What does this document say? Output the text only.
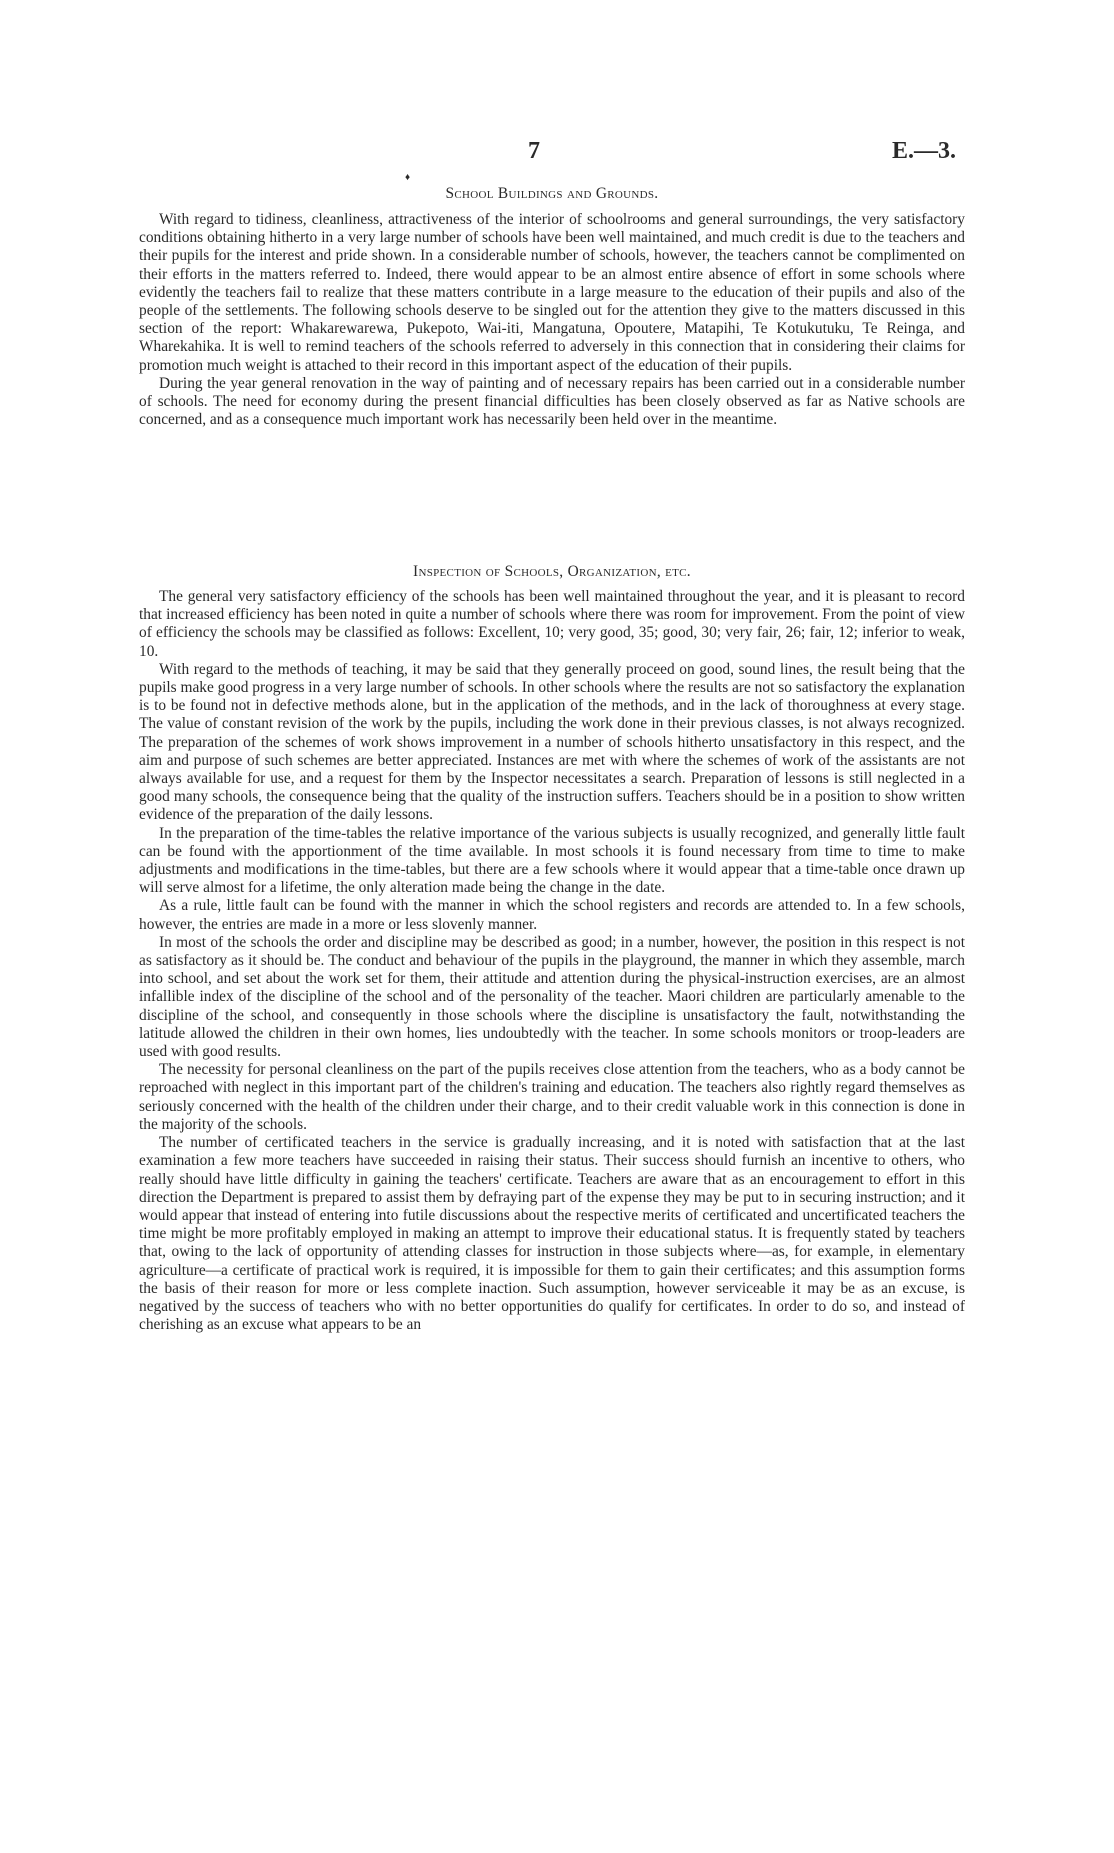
7	E.—3.
♦
School Buildings and Grounds.

With regard to tidiness, cleanliness, attractiveness of the interior of schoolrooms and general surroundings, the very satisfactory conditions obtaining hitherto in a very large number of schools have been well maintained, and much credit is due to the teachers and their pupils for the interest and pride shown. In a considerable number of schools, however, the teachers cannot be complimented on their efforts in the matters referred to. Indeed, there would appear to be an almost entire absence of effort in some schools where evidently the teachers fail to realize that these matters contribute in a large measure to the education of their pupils and also of the people of the settlements. The following schools deserve to be singled out for the attention they give to the matters discussed in this section of the report: Whakarewarewa, Pukepoto, Wai-iti, Mangatuna, Opoutere, Matapihi, Te Kotukutuku, Te Reinga, and Wharekahika. It is well to remind teachers of the schools referred to adversely in this connection that in considering their claims for promotion much weight is attached to their record in this important aspect of the education of their pupils.

During the year general renovation in the way of painting and of necessary repairs has been carried out in a considerable number of schools. The need for economy during the present financial difficulties has been closely observed as far as Native schools are concerned, and as a consequence much important work has necessarily been held over in the meantime.

Inspection of Schools, Organization, etc.

The general very satisfactory efficiency of the schools has been well maintained throughout the year, and it is pleasant to record that increased efficiency has been noted in quite a number of schools where there was room for improvement. From the point of view of efficiency the schools may be classified as follows: Excellent, 10; very good, 35; good, 30; very fair, 26; fair, 12; inferior to weak, 10.

With regard to the methods of teaching, it may be said that they generally proceed on good, sound lines, the result being that the pupils make good progress in a very large number of schools. In other schools where the results are not so satisfactory the explanation is to be found not in defective methods alone, but in the application of the methods, and in the lack of thoroughness at every stage. The value of constant revision of the work by the pupils, including the work done in their previous classes, is not always recognized. The preparation of the schemes of work shows improvement in a number of schools hitherto unsatisfactory in this respect, and the aim and purpose of such schemes are better appreciated. Instances are met with where the schemes of work of the assistants are not always available for use, and a request for them by the Inspector necessitates a search. Preparation of lessons is still neglected in a good many schools, the consequence being that the quality of the instruction suffers. Teachers should be in a position to show written evidence of the preparation of the daily lessons.

In the preparation of the time-tables the relative importance of the various subjects is usually recognized, and generally little fault can be found with the apportionment of the time available. In most schools it is found necessary from time to time to make adjustments and modifications in the time-tables, but there are a few schools where it would appear that a time-table once drawn up will serve almost for a lifetime, the only alteration made being the change in the date.

As a rule, little fault can be found with the manner in which the school registers and records are attended to. In a few schools, however, the entries are made in a more or less slovenly manner.

In most of the schools the order and discipline may be described as good; in a number, however, the position in this respect is not as satisfactory as it should be. The conduct and behaviour of the pupils in the playground, the manner in which they assemble, march into school, and set about the work set for them, their attitude and attention during the physical-instruction exercises, are an almost infallible index of the discipline of the school and of the personality of the teacher. Maori children are particularly amenable to the discipline of the school, and consequently in those schools where the discipline is unsatisfactory the fault, notwithstanding the latitude allowed the children in their own homes, lies undoubtedly with the teacher. In some schools monitors or troop-leaders are used with good results.

The necessity for personal cleanliness on the part of the pupils receives close attention from the teachers, who as a body cannot be reproached with neglect in this important part of the children's training and education. The teachers also rightly regard themselves as seriously concerned with the health of the children under their charge, and to their credit valuable work in this connection is done in the majority of the schools.

The number of certificated teachers in the service is gradually increasing, and it is noted with satisfaction that at the last examination a few more teachers have succeeded in raising their status. Their success should furnish an incentive to others, who really should have little difficulty in gaining the teachers' certificate. Teachers are aware that as an encouragement to effort in this direction the Department is prepared to assist them by defraying part of the expense they may be put to in securing instruction; and it would appear that instead of entering into futile discussions about the respective merits of certificated and uncertificated teachers the time might be more profitably employed in making an attempt to improve their educational status. It is frequently stated by teachers that, owing to the lack of opportunity of attending classes for instruction in those subjects where—as, for example, in elementary agriculture—a certificate of practical work is required, it is impossible for them to gain their certificates; and this assumption forms the basis of their reason for more or less complete inaction. Such assumption, however serviceable it may be as an excuse, is negatived by the success of teachers who with no better opportunities do qualify for certificates. In order to do so, and instead of cherishing as an excuse what appears to be an
